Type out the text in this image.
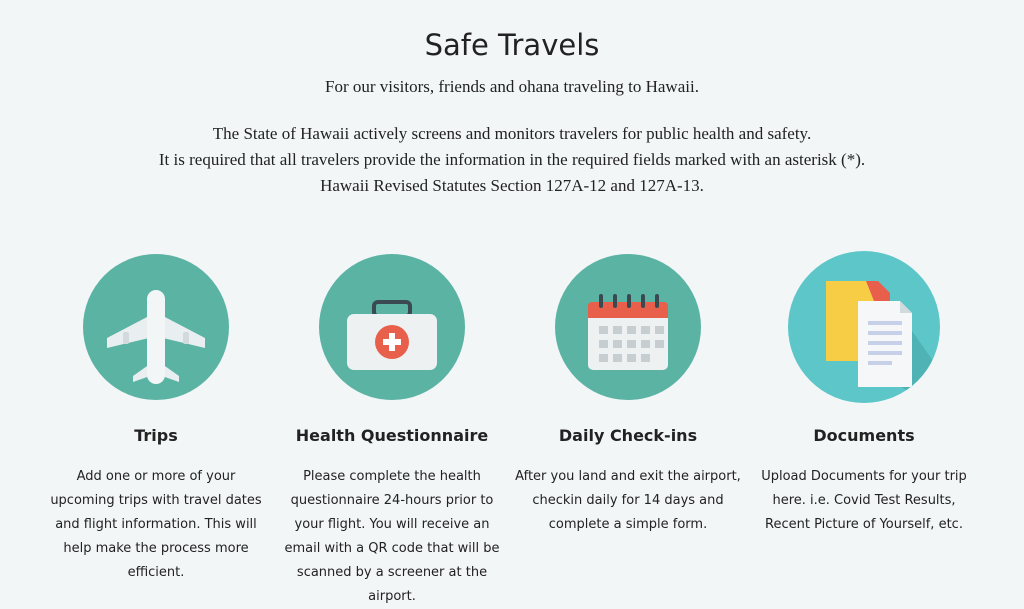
Safe Travels
For our visitors, friends and ohana traveling to Hawaii.
The State of Hawaii actively screens and monitors travelers for public health and safety.
It is required that all travelers provide the information in the required fields marked with an asterisk (*).
Hawaii Revised Statutes Section 127A-12 and 127A-13.
Trips
Add one or more of your upcoming trips with travel dates and flight information. This will help make the process more efficient.
Health Questionnaire
Please complete the health questionnaire 24-hours prior to your flight. You will receive an email with a QR code that will be scanned by a screener at the airport.
Daily Check-ins
After you land and exit the airport, checkin daily for 14 days and complete a simple form.
Documents
Upload Documents for your trip here. i.e. Covid Test Results, Recent Picture of Yourself, etc.
